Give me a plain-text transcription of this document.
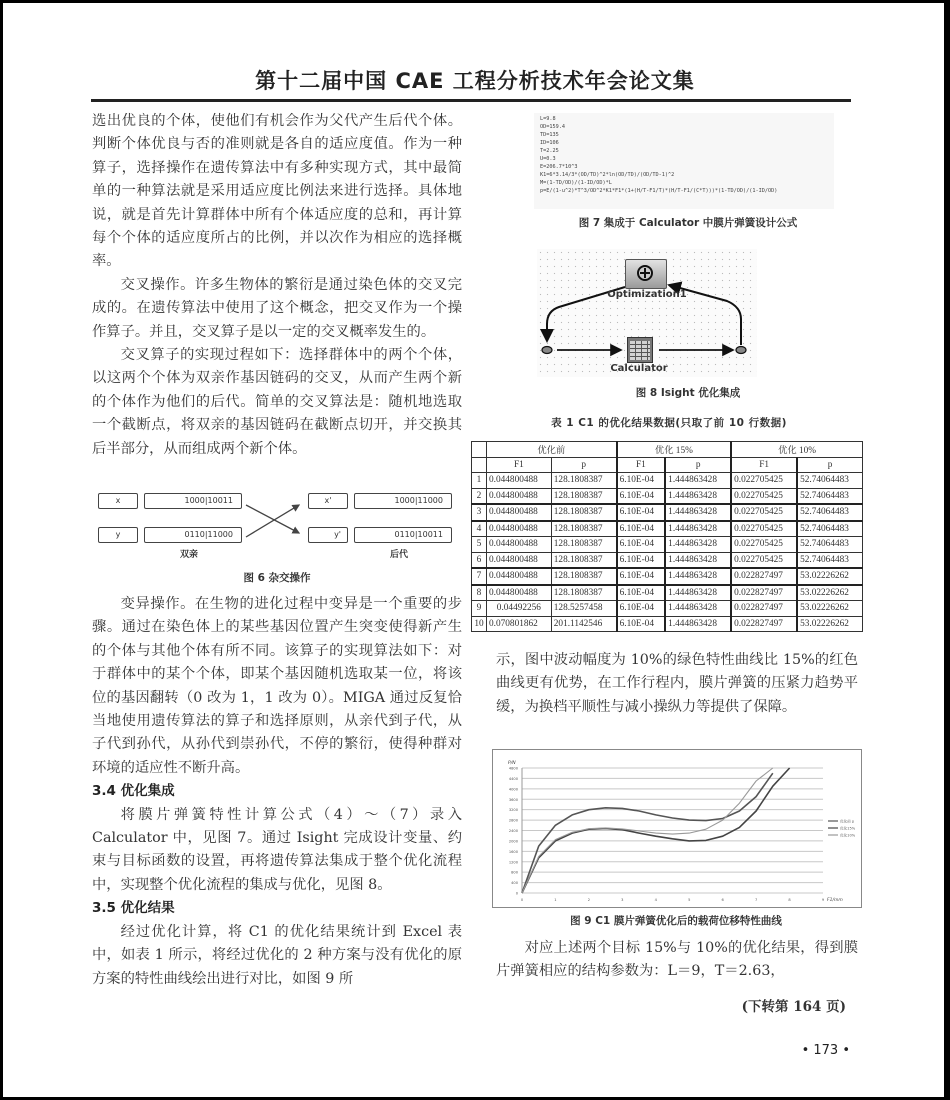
第十二届中国 CAE 工程分析技术年会论文集

选出优良的个体，使他们有机会作为父代产生后代个体。判断个体优良与否的准则就是各自的适应度值。作为一种算子，选择操作在遗传算法中有多种实现方式，其中最简单的一种算法就是采用适应度比例法来进行选择。具体地说，就是首先计算群体中所有个体适应度的总和，再计算每个个体的适应度所占的比例，并以次作为相应的选择概率。

交叉操作。许多生物体的繁衍是通过染色体的交叉完成的。在遗传算法中使用了这个概念，把交叉作为一个操作算子。并且，交叉算子是以一定的交叉概率发生的。

交叉算子的实现过程如下：选择群体中的两个个体，以这两个个体为双亲作基因链码的交叉，从而产生两个新的个体作为他们的后代。简单的交叉算法是：随机地选取一个截断点，将双亲的基因链码在截断点切开，并交换其后半部分，从而组成两个新个体。

x	1000|10011
y	0110|11000
x'	1000|11000
y'	0110|10011
双亲	后代
图 6 杂交操作

变异操作。在生物的进化过程中变异是一个重要的步骤。通过在染色体上的某些基因位置产生突变使得新产生的个体与其他个体有所不同。该算子的实现算法如下：对于群体中的某个个体，即某个基因随机选取某一位，将该位的基因翻转（0 改为 1，1 改为 0）。MIGA 通过反复恰当地使用遗传算法的算子和选择原则，从亲代到子代，从子代到孙代，从孙代到崇孙代，不停的繁衍，使得种群对环境的适应性不断升高。

3.4 优化集成

将膜片弹簧特性计算公式（4）～（7）录入 Calculator 中，见图 7。通过 Isight 完成设计变量、约束与目标函数的设置，再将遗传算法集成于整个优化流程中，实现整个优化流程的集成与优化，见图 8。

3.5 优化结果

经过优化计算，将 C1 的优化结果统计到 Excel 表中，如表 1 所示，将经过优化的 2 种方案与没有优化的原方案的特性曲线绘出进行对比，如图 9 所

L=9.8
OD=159.4
TD=135
ID=106
T=2.25
U=0.3
E=206.7*10^3
K1=6*3.14/3*(OD/TD)^2*ln(OD/TD)/(OD/TD-1)^2
M=(1-TD/OD)/(1-ID/OD)*L
p=E/(1-u^2)*T^3/OD^2*K1*F1*(1+(H/T-F1/T)*(H/T-F1/(C*T)))*(1-TD/OD)/(1-ID/OD)
图 7 集成于 Calculator 中膜片弹簧设计公式
Optimization1
Calculator
图 8 Isight 优化集成
表 1 C1 的优化结果数据(只取了前 10 行数据)
	优化前		优化 15%		优化 10%	
	F1	p	F1	p	F1	p
1	0.044800488	128.1808387	6.10E-04	1.444863428	0.022705425	52.74064483
2	0.044800488	128.1808387	6.10E-04	1.444863428	0.022705425	52.74064483
3	0.044800488	128.1808387	6.10E-04	1.444863428	0.022705425	52.74064483
4	0.044800488	128.1808387	6.10E-04	1.444863428	0.022705425	52.74064483
5	0.044800488	128.1808387	6.10E-04	1.444863428	0.022705425	52.74064483
6	0.044800488	128.1808387	6.10E-04	1.444863428	0.022705425	52.74064483
7	0.044800488	128.1808387	6.10E-04	1.444863428	0.022827497	53.02226262
8	0.044800488	128.1808387	6.10E-04	1.444863428	0.022827497	53.02226262
9	0.04492256	128.5257458	6.10E-04	1.444863428	0.022827497	53.02226262
10	0.070801862	201.1142546	6.10E-04	1.444863428	0.022827497	53.02226262

示，图中波动幅度为 10%的绿色特性曲线比 15%的红色曲线更有优势，在工作行程内，膜片弹簧的压紧力趋势平缓，为换档平顺性与减小操纵力等提供了保障。

0
400
800
1200
1600
2000
2400
2800
3200
3600
4000
4400
4800
0	1	2	3	4	5	6	7	8	9
P/N
F1/mm
优化前 p
优化15%
优化10%
图 9 C1 膜片弹簧优化后的载荷位移特性曲线

对应上述两个目标 15%与 10%的优化结果，得到膜片弹簧相应的结构参数为：L＝9，T＝2.63，

(下转第 164 页)
• 173 •
